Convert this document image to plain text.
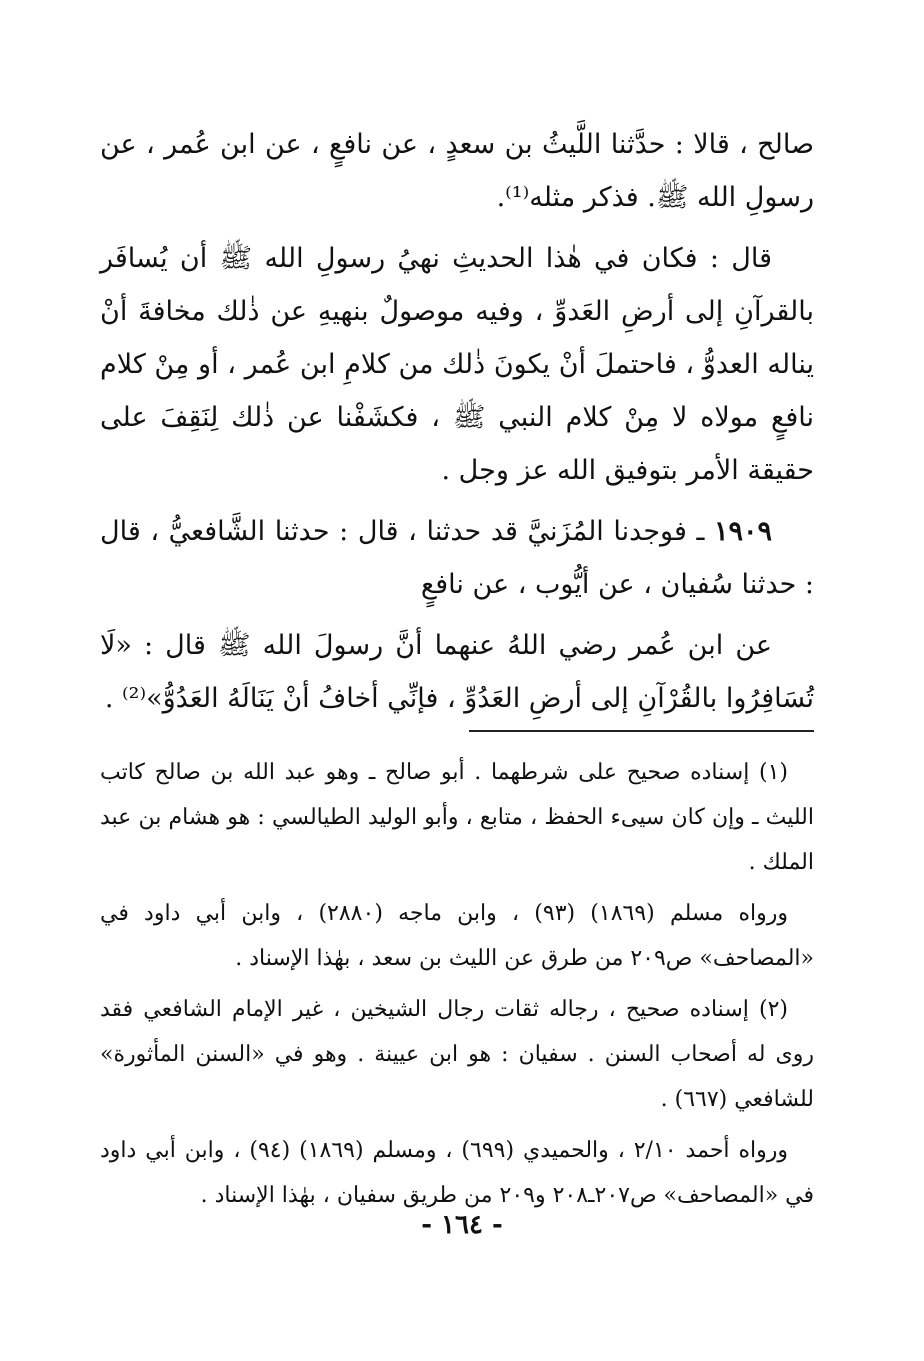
صالح ، قالا : حدَّثنا اللَّيثُ بن سعدٍ ، عن نافعٍ ، عن ابن عُمر ، عن رسولِ الله ﷺ. فذكر مثله⁽¹⁾.

قال : فكان في هٰذا الحديثِ نهيُ رسولِ الله ﷺ أن يُسافَر بالقرآنِ إلى أرضِ العَدوِّ ، وفيه موصولٌ بنهيهِ عن ذٰلك مخافةَ أنْ يناله العدوُّ ، فاحتملَ أنْ يكونَ ذٰلك من كلامِ ابن عُمر ، أو مِنْ كلام نافعٍ مولاه لا مِنْ كلام النبي ﷺ ، فكشَفْنا عن ذٰلك لِنَقِفَ على حقيقة الأمر بتوفيق الله عز وجل .

١٩٠٩ ـ فوجدنا المُزَنيَّ قد حدثنا ، قال : حدثنا الشَّافعيُّ ، قال : حدثنا سُفيان ، عن أيُّوب ، عن نافعٍ

عن ابن عُمر رضي اللهُ عنهما أنَّ رسولَ الله ﷺ قال : «لَا تُسَافِرُوا بالقُرْآنِ إلى أرضِ العَدُوِّ ، فإنِّي أخافُ أنْ يَنَالَهُ العَدُوُّ»⁽²⁾ .

(١) إسناده صحيح على شرطهما . أبو صالح ـ وهو عبد الله بن صالح كاتب الليث ـ وإن كان سيىء الحفظ ، متابع ، وأبو الوليد الطيالسي : هو هشام بن عبد الملك .

ورواه مسلم (١٨٦٩) (٩٣) ، وابن ماجه (٢٨٨٠) ، وابن أبي داود في «المصاحف» ص٢٠٩ من طرق عن الليث بن سعد ، بهٰذا الإسناد .

(٢) إسناده صحيح ، رجاله ثقات رجال الشيخين ، غير الإمام الشافعي فقد روى له أصحاب السنن . سفيان : هو ابن عيينة . وهو في «السنن المأثورة» للشافعي (٦٦٧) .

ورواه أحمد ٢/١٠ ، والحميدي (٦٩٩) ، ومسلم (١٨٦٩) (٩٤) ، وابن أبي داود في «المصاحف» ص٢٠٧ـ٢٠٨ و٢٠٩ من طريق سفيان ، بهٰذا الإسناد .

- ١٦٤ -
